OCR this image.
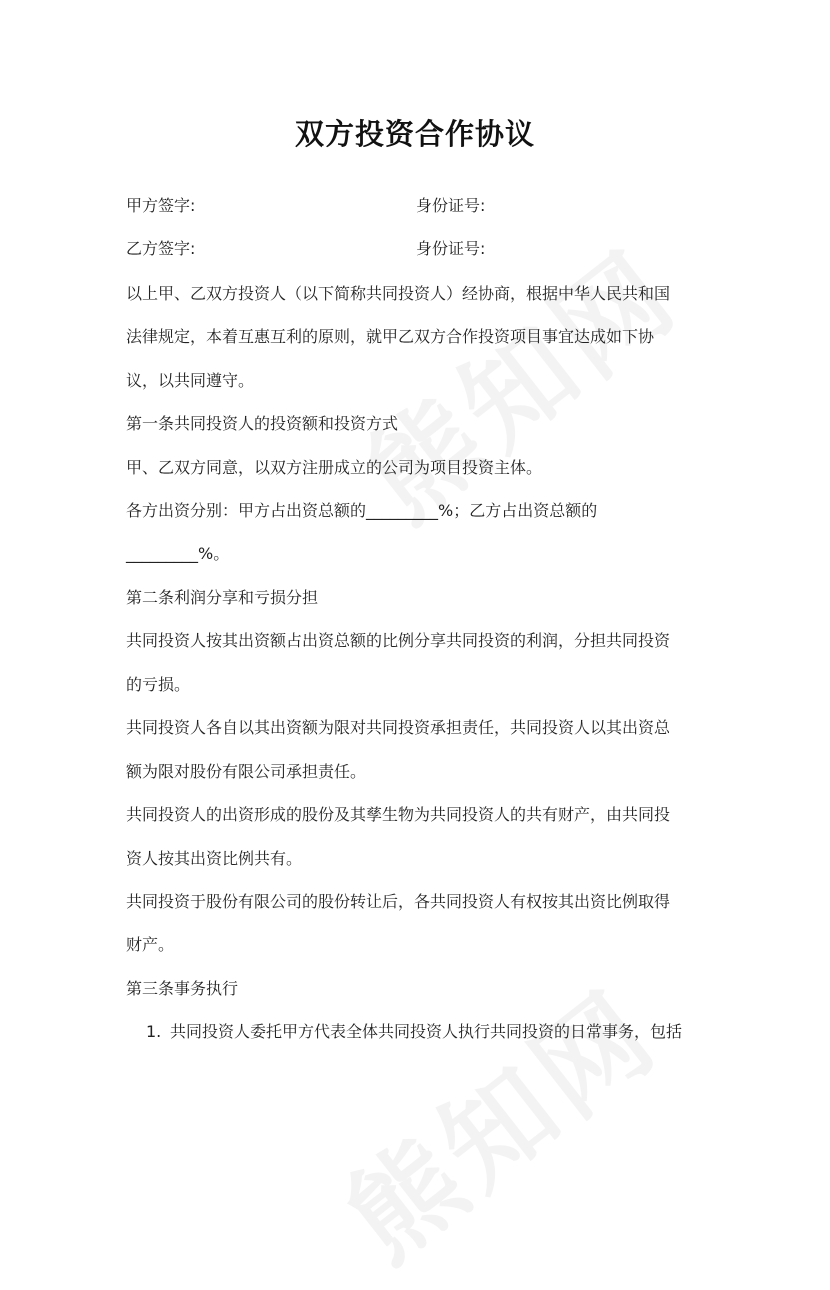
双方投资合作协议
甲方签字:	身份证号:
乙方签字:	身份证号:
以上甲、乙双方投资人（以下简称共同投资人）经协商，根据中华人民共和国
法律规定，本着互惠互利的原则，就甲乙双方合作投资项目事宜达成如下协
议，以共同遵守。
第一条共同投资人的投资额和投资方式
甲、乙双方同意，以双方注册成立的公司为项目投资主体。
各方出资分别：甲方占出资总额的_________%；乙方占出资总额的
_________%。
第二条利润分享和亏损分担
共同投资人按其出资额占出资总额的比例分享共同投资的利润，分担共同投资
的亏损。
共同投资人各自以其出资额为限对共同投资承担责任，共同投资人以其出资总
额为限对股份有限公司承担责任。
共同投资人的出资形成的股份及其孳生物为共同投资人的共有财产，由共同投
资人按其出资比例共有。
共同投资于股份有限公司的股份转让后，各共同投资人有权按其出资比例取得
财产。
第三条事务执行
1. 共同投资人委托甲方代表全体共同投资人执行共同投资的日常事务，包括
